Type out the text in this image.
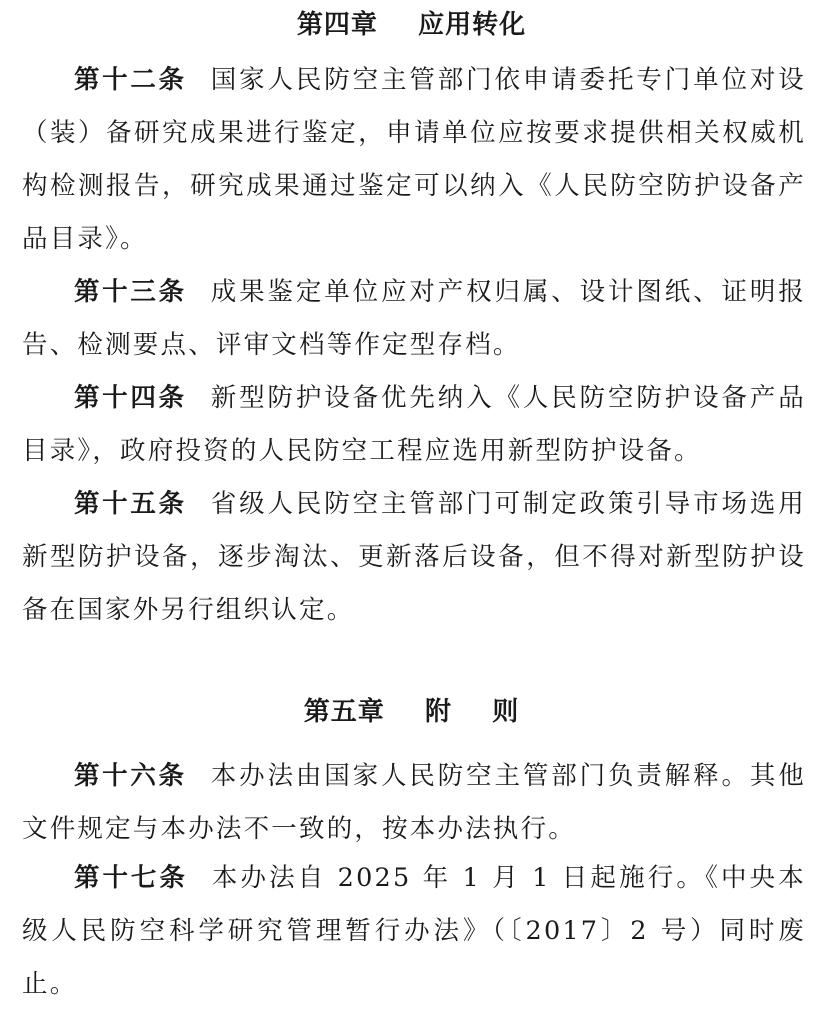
第四章    应用转化

第十二条 国家人民防空主管部门依申请委托专门单位对设（装）备研究成果进行鉴定，申请单位应按要求提供相关权威机构检测报告，研究成果通过鉴定可以纳入《人民防空防护设备产品目录》。

第十三条 成果鉴定单位应对产权归属、设计图纸、证明报告、检测要点、评审文档等作定型存档。

第十四条 新型防护设备优先纳入《人民防空防护设备产品目录》，政府投资的人民防空工程应选用新型防护设备。

第十五条 省级人民防空主管部门可制定政策引导市场选用新型防护设备，逐步淘汰、更新落后设备，但不得对新型防护设备在国家外另行组织认定。

第五章    附    则

第十六条 本办法由国家人民防空主管部门负责解释。其他文件规定与本办法不一致的，按本办法执行。

第十七条 本办法自 2025 年 1 月 1 日起施行。《中央本级人民防空科学研究管理暂行办法》（〔2017〕2 号）同时废止。
